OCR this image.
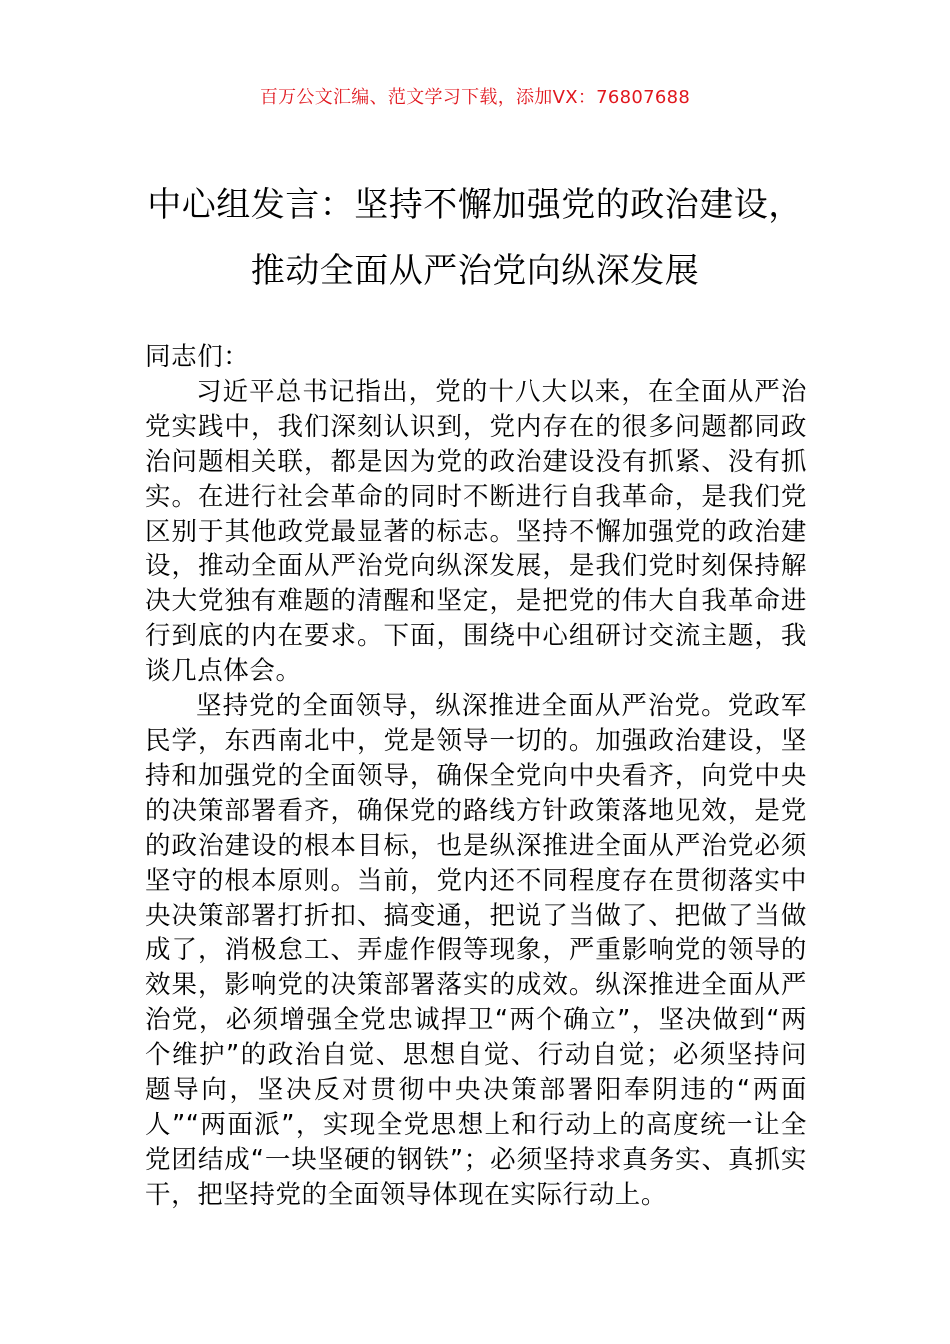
百万公文汇编、范文学习下载，添加VX：76807688
中心组发言：坚持不懈加强党的政治建设，
推动全面从严治党向纵深发展

同志们：

习近平总书记指出，党的十八大以来，在全面从严治党实践中，我们深刻认识到，党内存在的很多问题都同政治问题相关联，都是因为党的政治建设没有抓紧、没有抓实。在进行社会革命的同时不断进行自我革命，是我们党区别于其他政党最显著的标志。坚持不懈加强党的政治建设，推动全面从严治党向纵深发展，是我们党时刻保持解决大党独有难题的清醒和坚定，是把党的伟大自我革命进行到底的内在要求。下面，围绕中心组研讨交流主题，我谈几点体会。

坚持党的全面领导，纵深推进全面从严治党。党政军民学，东西南北中，党是领导一切的。加强政治建设，坚持和加强党的全面领导，确保全党向中央看齐，向党中央的决策部署看齐，确保党的路线方针政策落地见效，是党的政治建设的根本目标，也是纵深推进全面从严治党必须坚守的根本原则。当前，党内还不同程度存在贯彻落实中央决策部署打折扣、搞变通，把说了当做了、把做了当做成了，消极怠工、弄虚作假等现象，严重影响党的领导的效果，影响党的决策部署落实的成效。纵深推进全面从严治党，必须增强全党忠诚捍卫“两个确立”，坚决做到“两个维护”的政治自觉、思想自觉、行动自觉；必须坚持问题导向，坚决反对贯彻中央决策部署阳奉阴违的“两面人”“两面派”，实现全党思想上和行动上的高度统一让全党团结成“一块坚硬的钢铁”；必须坚持求真务实、真抓实干，把坚持党的全面领导体现在实际行动上。
